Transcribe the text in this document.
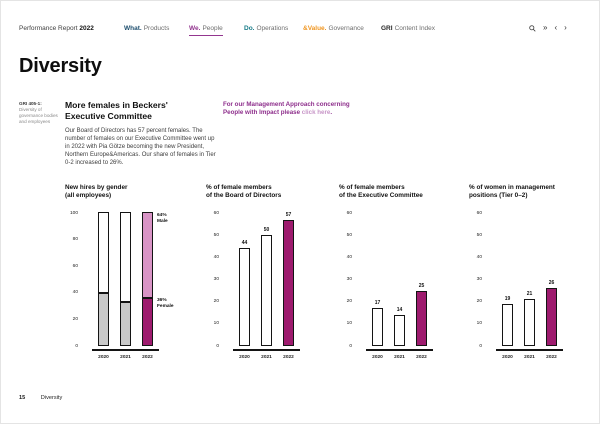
Performance Report 2022	What. Products	We. People	Do. Operations &Value. Governance	GRI Content Index	» ‹ ›
Diversity
GRI 405-1:
Diversity of governance bodies and employees
More females in Beckers'
Executive Committee
Our Board of Directors has 57 percent females. The number of females on our Executive Committee went up in 2022 with Pia Götze becoming the new President, Northern Europe&Americas. Our share of females in Tier 0-2 increased to 26%.
For our Management Approach concerning People with Impact please click here.
New hires by gender
(all employees)
0
20
40
60
80
100
2020	2021	2022
64%
Male
36%
Female
% of female members
of the Board of Directors
0
10
20
30
40
50
60
44
2020
50
2021
57
2022
% of female members
of the Executive Committee
0
10
20
30
40
50
60
17
2020
14
2021
25
2022
% of women in management
positions (Tier 0–2)
0
10
20
30
40
50
60
19
2020
21
2021
26
2022
15	Diversity
